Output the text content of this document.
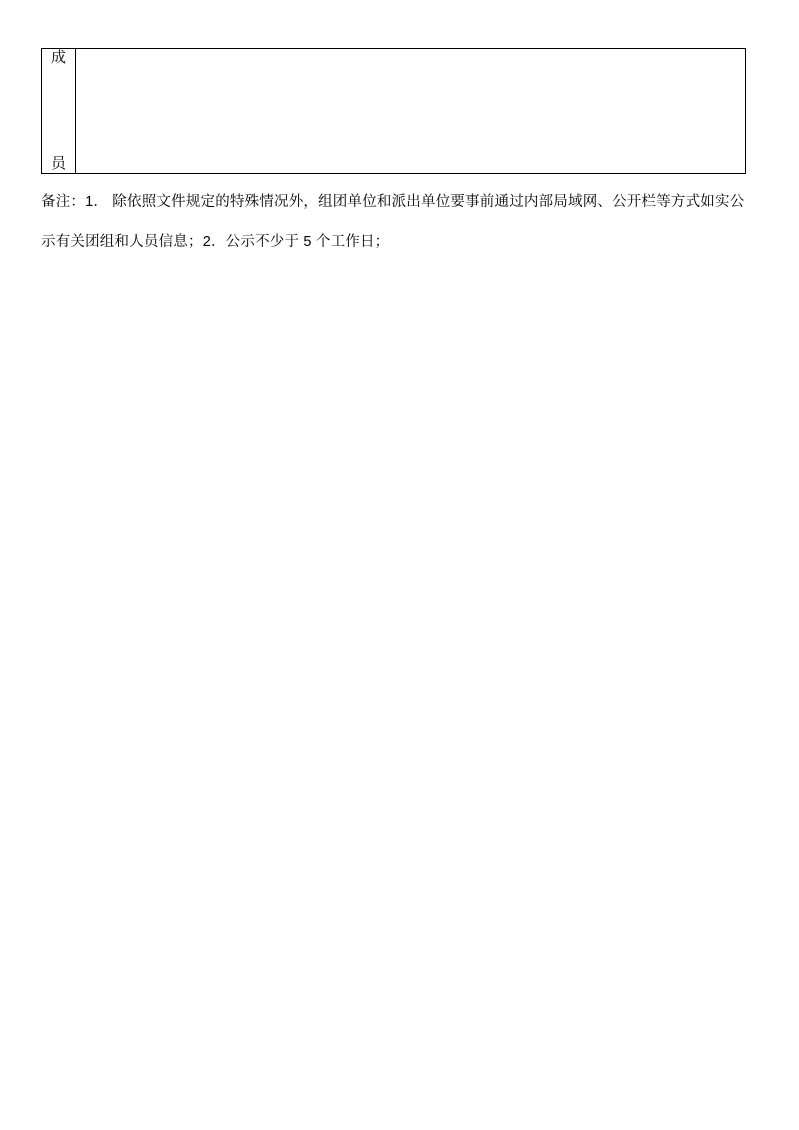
成
员

备注：1． 除依照文件规定的特殊情况外，组团单位和派出单位要事前通过内部局域网、公开栏等方式如实公
示有关团组和人员信息；2．公示不少于 5 个工作日；
